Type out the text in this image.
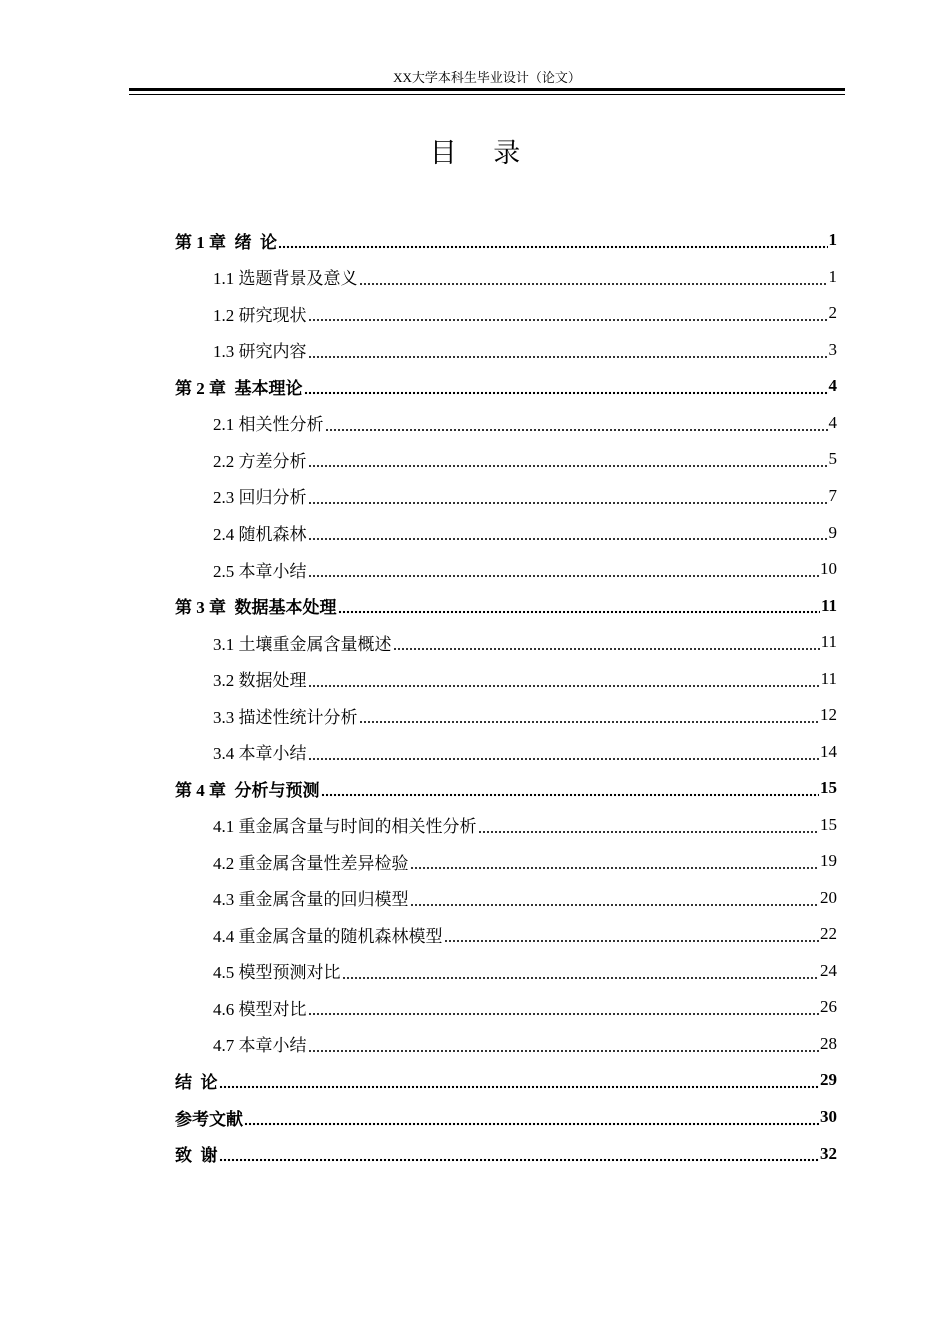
XX大学本科生毕业设计（论文）
目 录
第 1 章  绪  论	1
1.1 选题背景及意义	1
1.2 研究现状	2
1.3 研究内容	3
第 2 章  基本理论	4
2.1 相关性分析	4
2.2 方差分析	5
2.3 回归分析	7
2.4 随机森林	9
2.5 本章小结	10
第 3 章  数据基本处理	11
3.1 土壤重金属含量概述	11
3.2 数据处理	11
3.3 描述性统计分析	12
3.4 本章小结	14
第 4 章  分析与预测	15
4.1 重金属含量与时间的相关性分析	15
4.2 重金属含量性差异检验	19
4.3 重金属含量的回归模型	20
4.4 重金属含量的随机森林模型	22
4.5 模型预测对比	24
4.6 模型对比	26
4.7 本章小结	28
结  论	29
参考文献	30
致  谢	32
